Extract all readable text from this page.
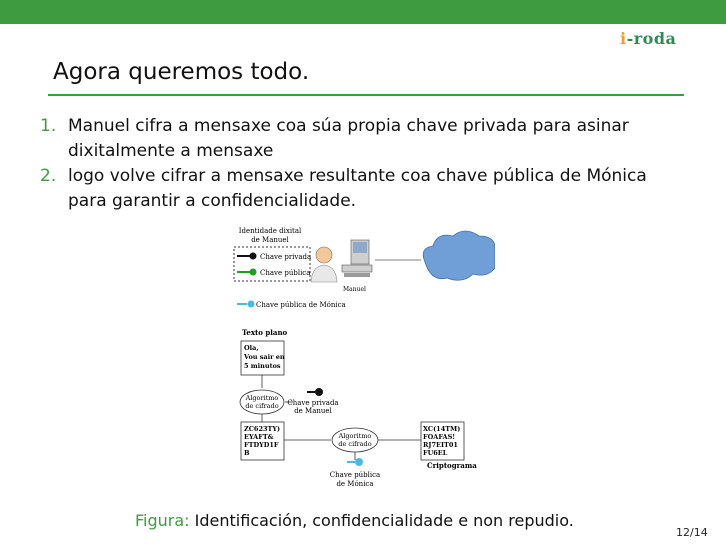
i-roda
Agora queremos todo.
1. Manuel cifra a mensaxe coa súa propia chave privada para asinar dixitalmente a mensaxe
2. logo volve cifrar a mensaxe resultante coa chave pública de Mónica para garantir a confidencialidade.
Identidade dixital
de Manuel
Chave privada
Chave pública
Manuel
Chave pública de Mónica
Texto plano
Ola,
Vou sair en
5 minutos
Algoritmo
de cifrado Chave privada
de Manuel
ZC623TY)
EYAFT&
FTDYD1F
B
Algoritmo
de cifrado
Chave pública
de Mónica
XC(14TM)
FOAFAS!
RJ7EIT01
FU6EL
Criptograma
Figura: Identificación, confidencialidade e non repudio.
12/14
